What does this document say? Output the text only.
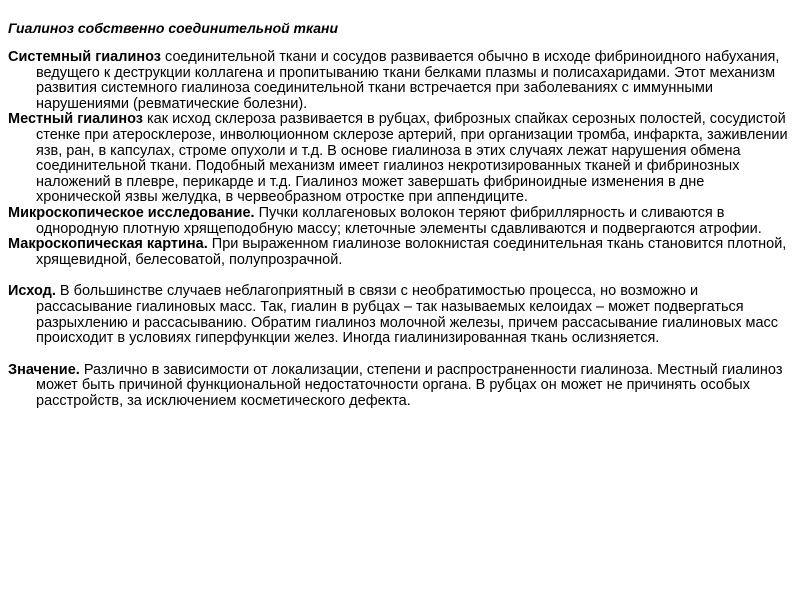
Гиалиноз собственно соединительной ткани

Системный гиалиноз соединительной ткани и сосудов развивается обычно в исходе фибриноидного набухания, ведущего к деструкции коллагена и пропитыванию ткани белками плазмы и полисахаридами. Этот механизм развития системного гиалиноза соединительной ткани встречается при заболеваниях с иммунными нарушениями (ревматические болезни).

Местный гиалиноз как исход склероза развивается в рубцах, фиброзных спайках серозных полостей, сосудистой стенке при атеросклерозе, инволюционном склерозе артерий, при организации тромба, инфаркта, заживлении язв, ран, в капсулах, строме опухоли и т.д. В основе гиалиноза в этих случаях лежат нарушения обмена соединительной ткани. Подобный механизм имеет гиалиноз некротизированных тканей и фибринозных наложений в плевре, перикарде и т.д. Гиалиноз может завершать фибриноидные изменения в дне хронической язвы желудка, в червеобразном отростке при аппендиците.

Микроскопическое исследование. Пучки коллагеновых волокон теряют фибриллярность и сливаются в однородную плотную хрящеподобную массу; клеточные элементы сдавливаются и подвергаются атрофии.

Макроскопическая картина. При выраженном гиалинозе волокнистая соединительная ткань становится плотной, хрящевидной, белесоватой, полупрозрачной.

Исход. В большинстве случаев неблагоприятный в связи с необратимостью процесса, но возможно и рассасывание гиалиновых масс. Так, гиалин в рубцах – так называемых келоидах – может подвергаться разрыхлению и рассасыванию. Обратим гиалиноз молочной железы, причем рассасывание гиалиновых масс происходит в условиях гиперфункции желез. Иногда гиалинизированная ткань ослизняется.

Значение. Различно в зависимости от локализации, степени и распространенности гиалиноза. Местный гиалиноз может быть причиной функциональной недостаточности органа. В рубцах он может не причинять особых расстройств, за исключением косметического дефекта.
